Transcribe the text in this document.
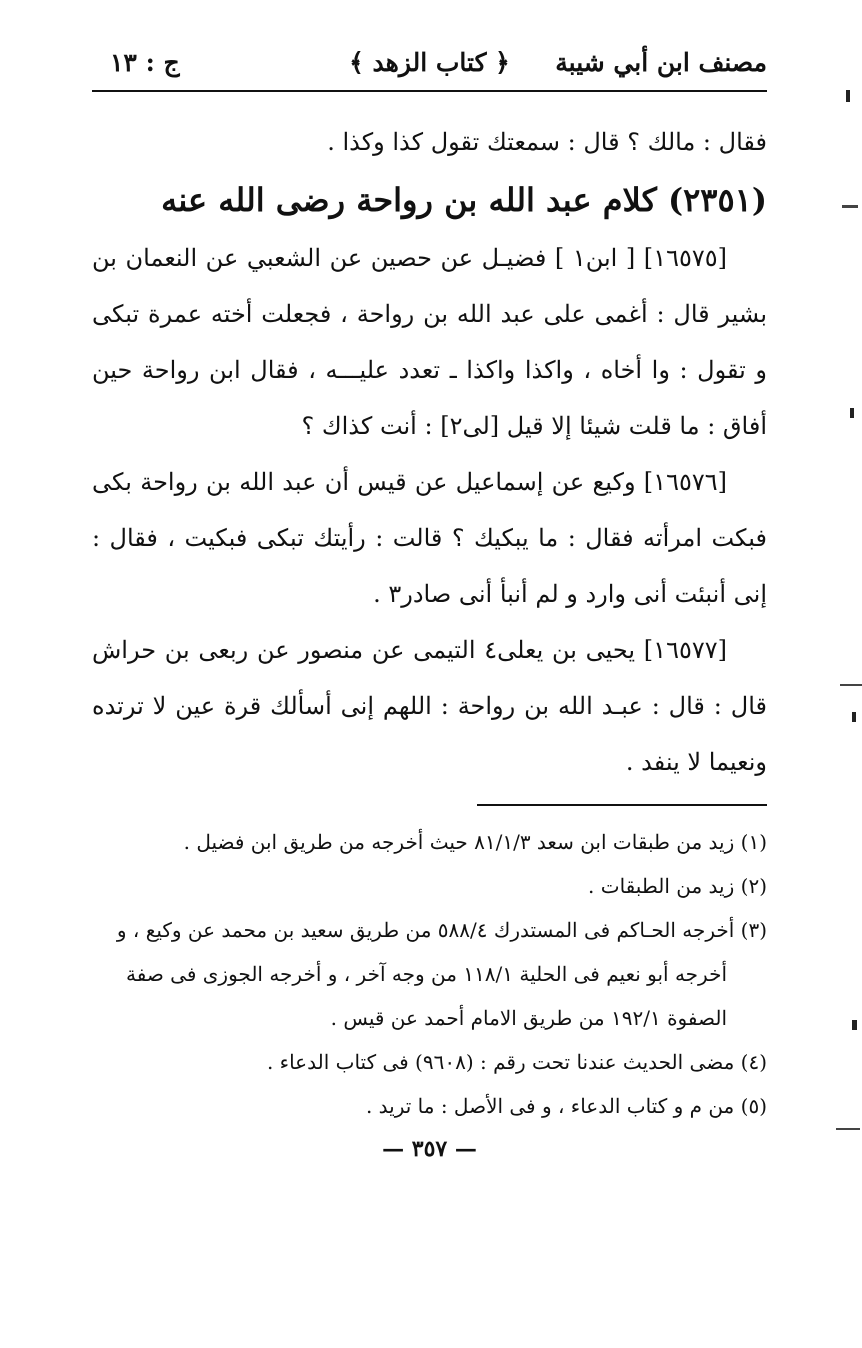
مصنف ابن أبي شيبة
﴿ كتاب الزهد ﴾
ج : ١٣

فقال : مالك ؟ قال : سمعتك تقول كذا وكذا .

(٢٣٥١) كلام عبد الله بن رواحة رضى الله عنه

[١٦٥٧٥] [ ابن١ ] فضيـل عن حصين عن الشعبي عن النعمان بن بشير قال : أغمى على عبد الله بن رواحة ، فجعلت أخته عمرة تبكى و تقول : وا أخاه ، واكذا واكذا ـ تعدد عليـــه ، فقال ابن رواحة حين أفاق : ما قلت شيئا إلا قيل [لى٢] : أنت كذاك ؟

[١٦٥٧٦] وكيع عن إسماعيل عن قيس أن عبد الله بن رواحة بكى فبكت امرأته فقال : ما يبكيك ؟ قالت : رأيتك تبكى فبكيت ، فقال : إنى أنبئت أنى وارد و لم أنبأ أنى صادر٣ .

[١٦٥٧٧] يحيى بن يعلى٤ التيمى عن منصور عن ربعى بن حراش قال : قال : عبـد الله بن رواحة : اللهم إنى أسألك قرة عين لا ترتده ونعيما لا ينفد .

(١) زيد من طبقات ابن سعد ٨١/١/٣ حيث أخرجه من طريق ابن فضيل .

(٢) زيد من الطبقات .

(٣) أخرجه الحـاكم فى المستدرك ٥٨٨/٤ من طريق سعيد بن محمد عن وكيع ، و أخرجه أبو نعيم فى الحلية ١١٨/١ من وجه آخر ، و أخرجه الجوزى فى صفة الصفوة ١٩٢/١ من طريق الامام أحمد عن قيس .

(٤) مضى الحديث عندنا تحت رقم : (٩٦٠٨) فى كتاب الدعاء .

(٥) من م و كتاب الدعاء ، و فى الأصل : ما تريد .

— ٣٥٧ —
